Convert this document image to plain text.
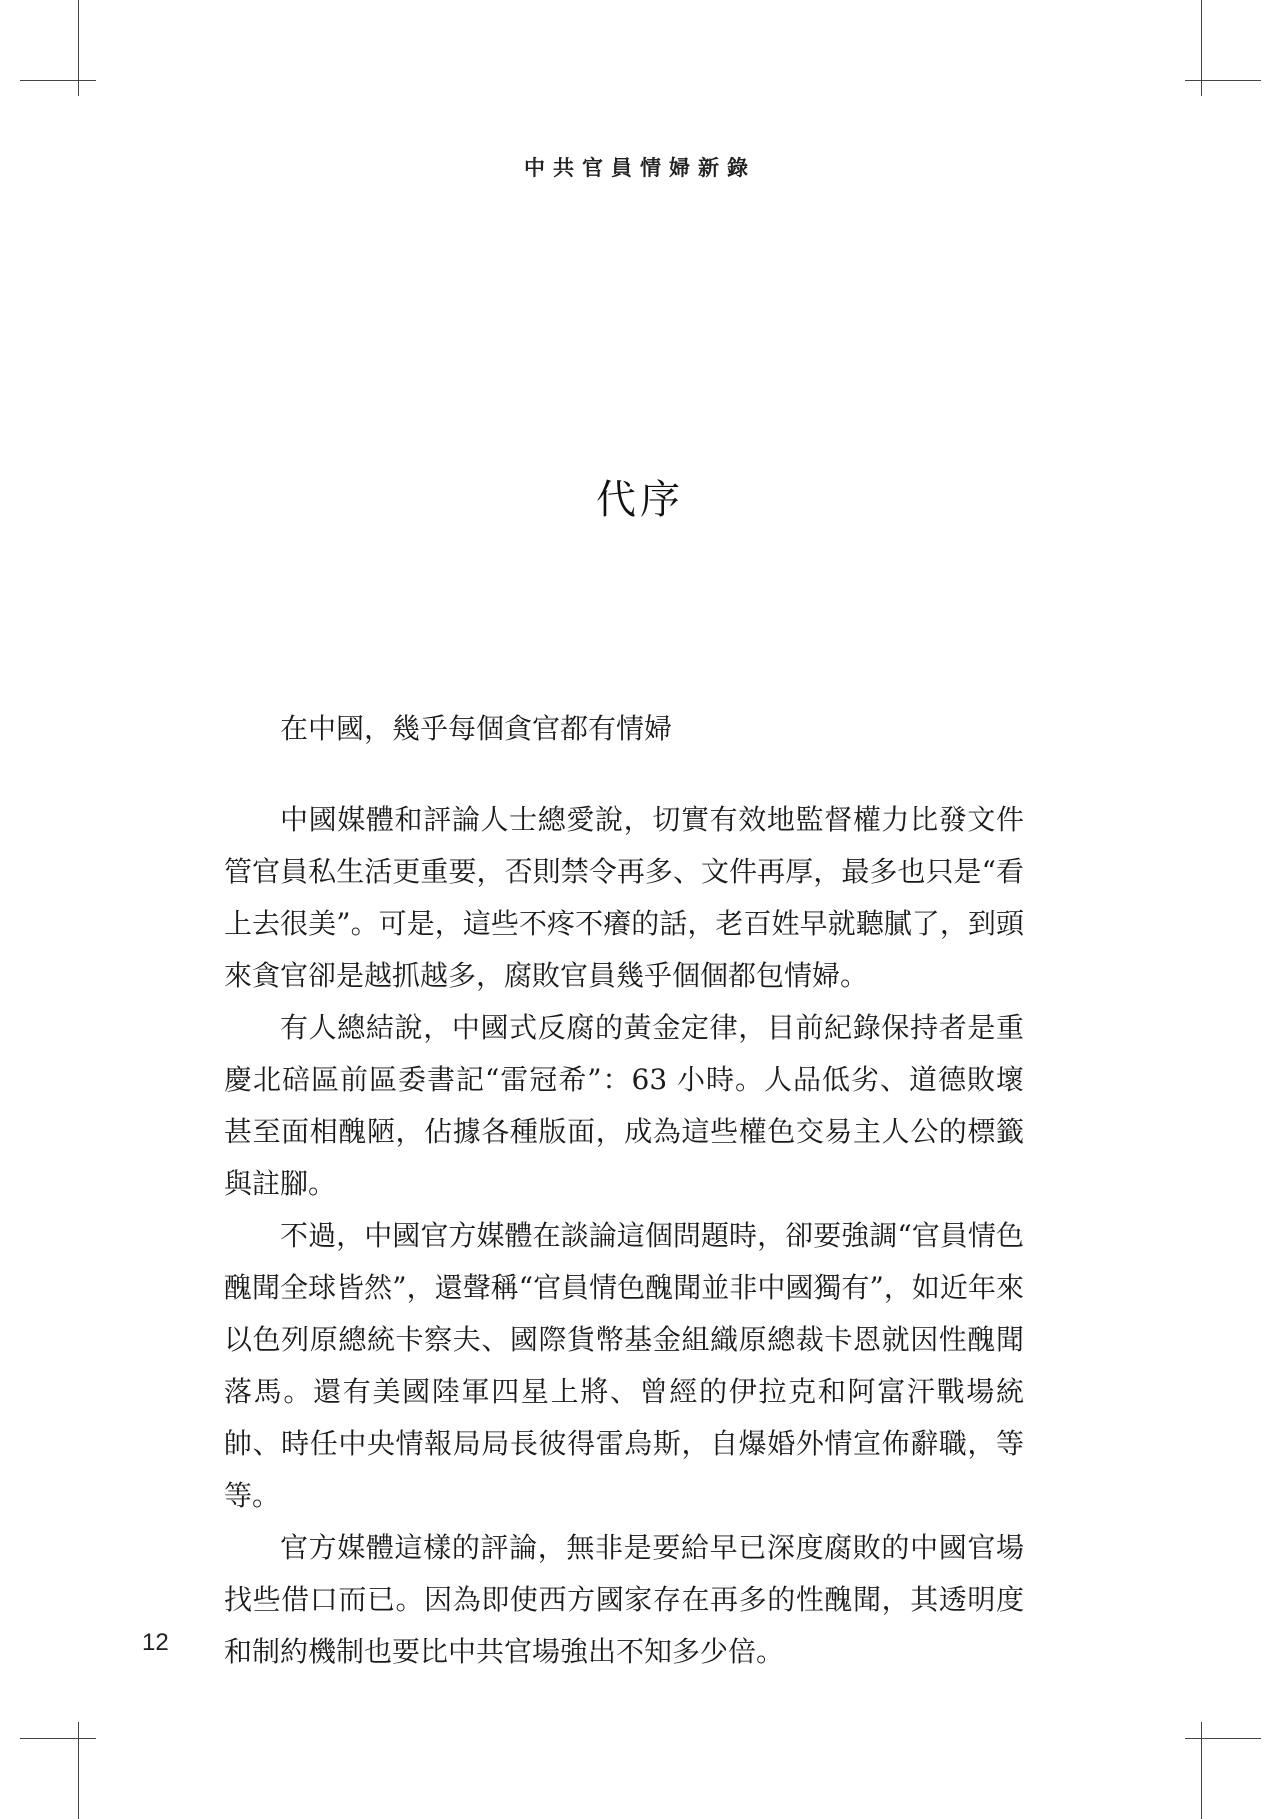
中共官員情婦新錄
代序

在中國，幾乎每個貪官都有情婦

中國媒體和評論人士總愛說，切實有效地監督權力比發文件管官員私生活更重要，否則禁令再多、文件再厚，最多也只是“看上去很美”。可是，這些不疼不癢的話，老百姓早就聽膩了，到頭來貪官卻是越抓越多，腐敗官員幾乎個個都包情婦。

有人總結說，中國式反腐的黃金定律，目前紀錄保持者是重慶北碚區前區委書記“雷冠希”：63 小時。人品低劣、道德敗壞甚至面相醜陋，佔據各種版面，成為這些權色交易主人公的標籤與註腳。

不過，中國官方媒體在談論這個問題時，卻要強調“官員情色醜聞全球皆然”，還聲稱“官員情色醜聞並非中國獨有”，如近年來以色列原總統卡察夫、國際貨幣基金組織原總裁卡恩就因性醜聞落馬。還有美國陸軍四星上將、曾經的伊拉克和阿富汗戰場統帥、時任中央情報局局長彼得雷烏斯，自爆婚外情宣佈辭職，等等。

官方媒體這樣的評論，無非是要給早已深度腐敗的中國官場找些借口而已。因為即使西方國家存在再多的性醜聞，其透明度和制約機制也要比中共官場強出不知多少倍。

12
